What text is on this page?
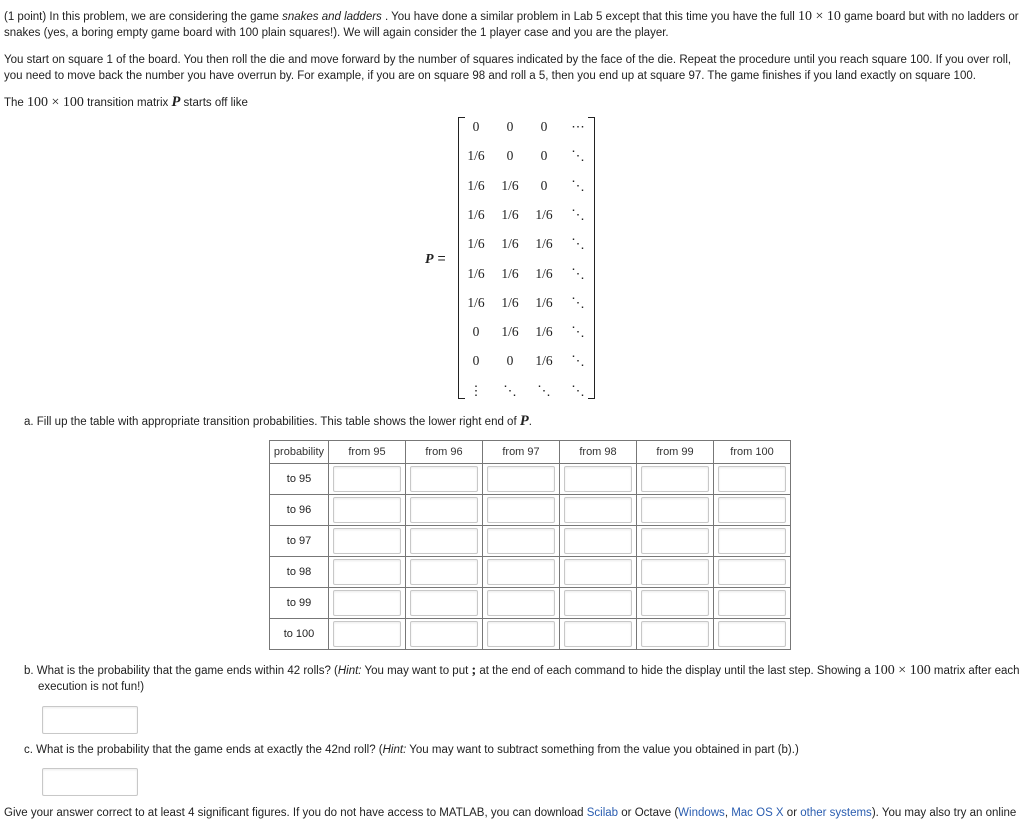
(1 point) In this problem, we are considering the game snakes and ladders . You have done a similar problem in Lab 5 except that this time you have the full 10 × 10 game board but with no ladders or

snakes (yes, a boring empty game board with 100 plain squares!). We will again consider the 1 player case and you are the player.

You start on square 1 of the board. You then roll the die and move forward by the number of squares indicated by the face of the die. Repeat the procedure until you reach square 100. If you over roll,

you need to move back the number you have overrun by. For example, if you are on square 98 and roll a 5, then you end up at square 97. The game finishes if you land exactly on square 100.

The 100 × 100 transition matrix P starts off like

P =
0	0	0	⋯
1/6	0	0	⋱
1/6	1/6	0	⋱
1/6	1/6	1/6	⋱
1/6	1/6	1/6	⋱
1/6	1/6	1/6	⋱
1/6	1/6	1/6	⋱
0	1/6	1/6	⋱
0	0	1/6	⋱
⋮	⋱	⋱	⋱

a. Fill up the table with appropriate transition probabilities. This table shows the lower right end of P.

probability	from 95	from 96	from 97	from 98	from 99	from 100
to 95	

to 96	

to 97	

to 98	

to 99	

to 100	

b. What is the probability that the game ends within 42 rolls? (Hint: You may want to put ; at the end of each command to hide the display until the last step. Showing a 100 × 100 matrix after each

execution is not fun!)

c. What is the probability that the game ends at exactly the 42nd roll? (Hint: You may want to subtract something from the value you obtained in part (b).)

Give your answer correct to at least 4 significant figures. If you do not have access to MATLAB, you can download Scilab or Octave (Windows, Mac OS X or other systems). You may also try an online
